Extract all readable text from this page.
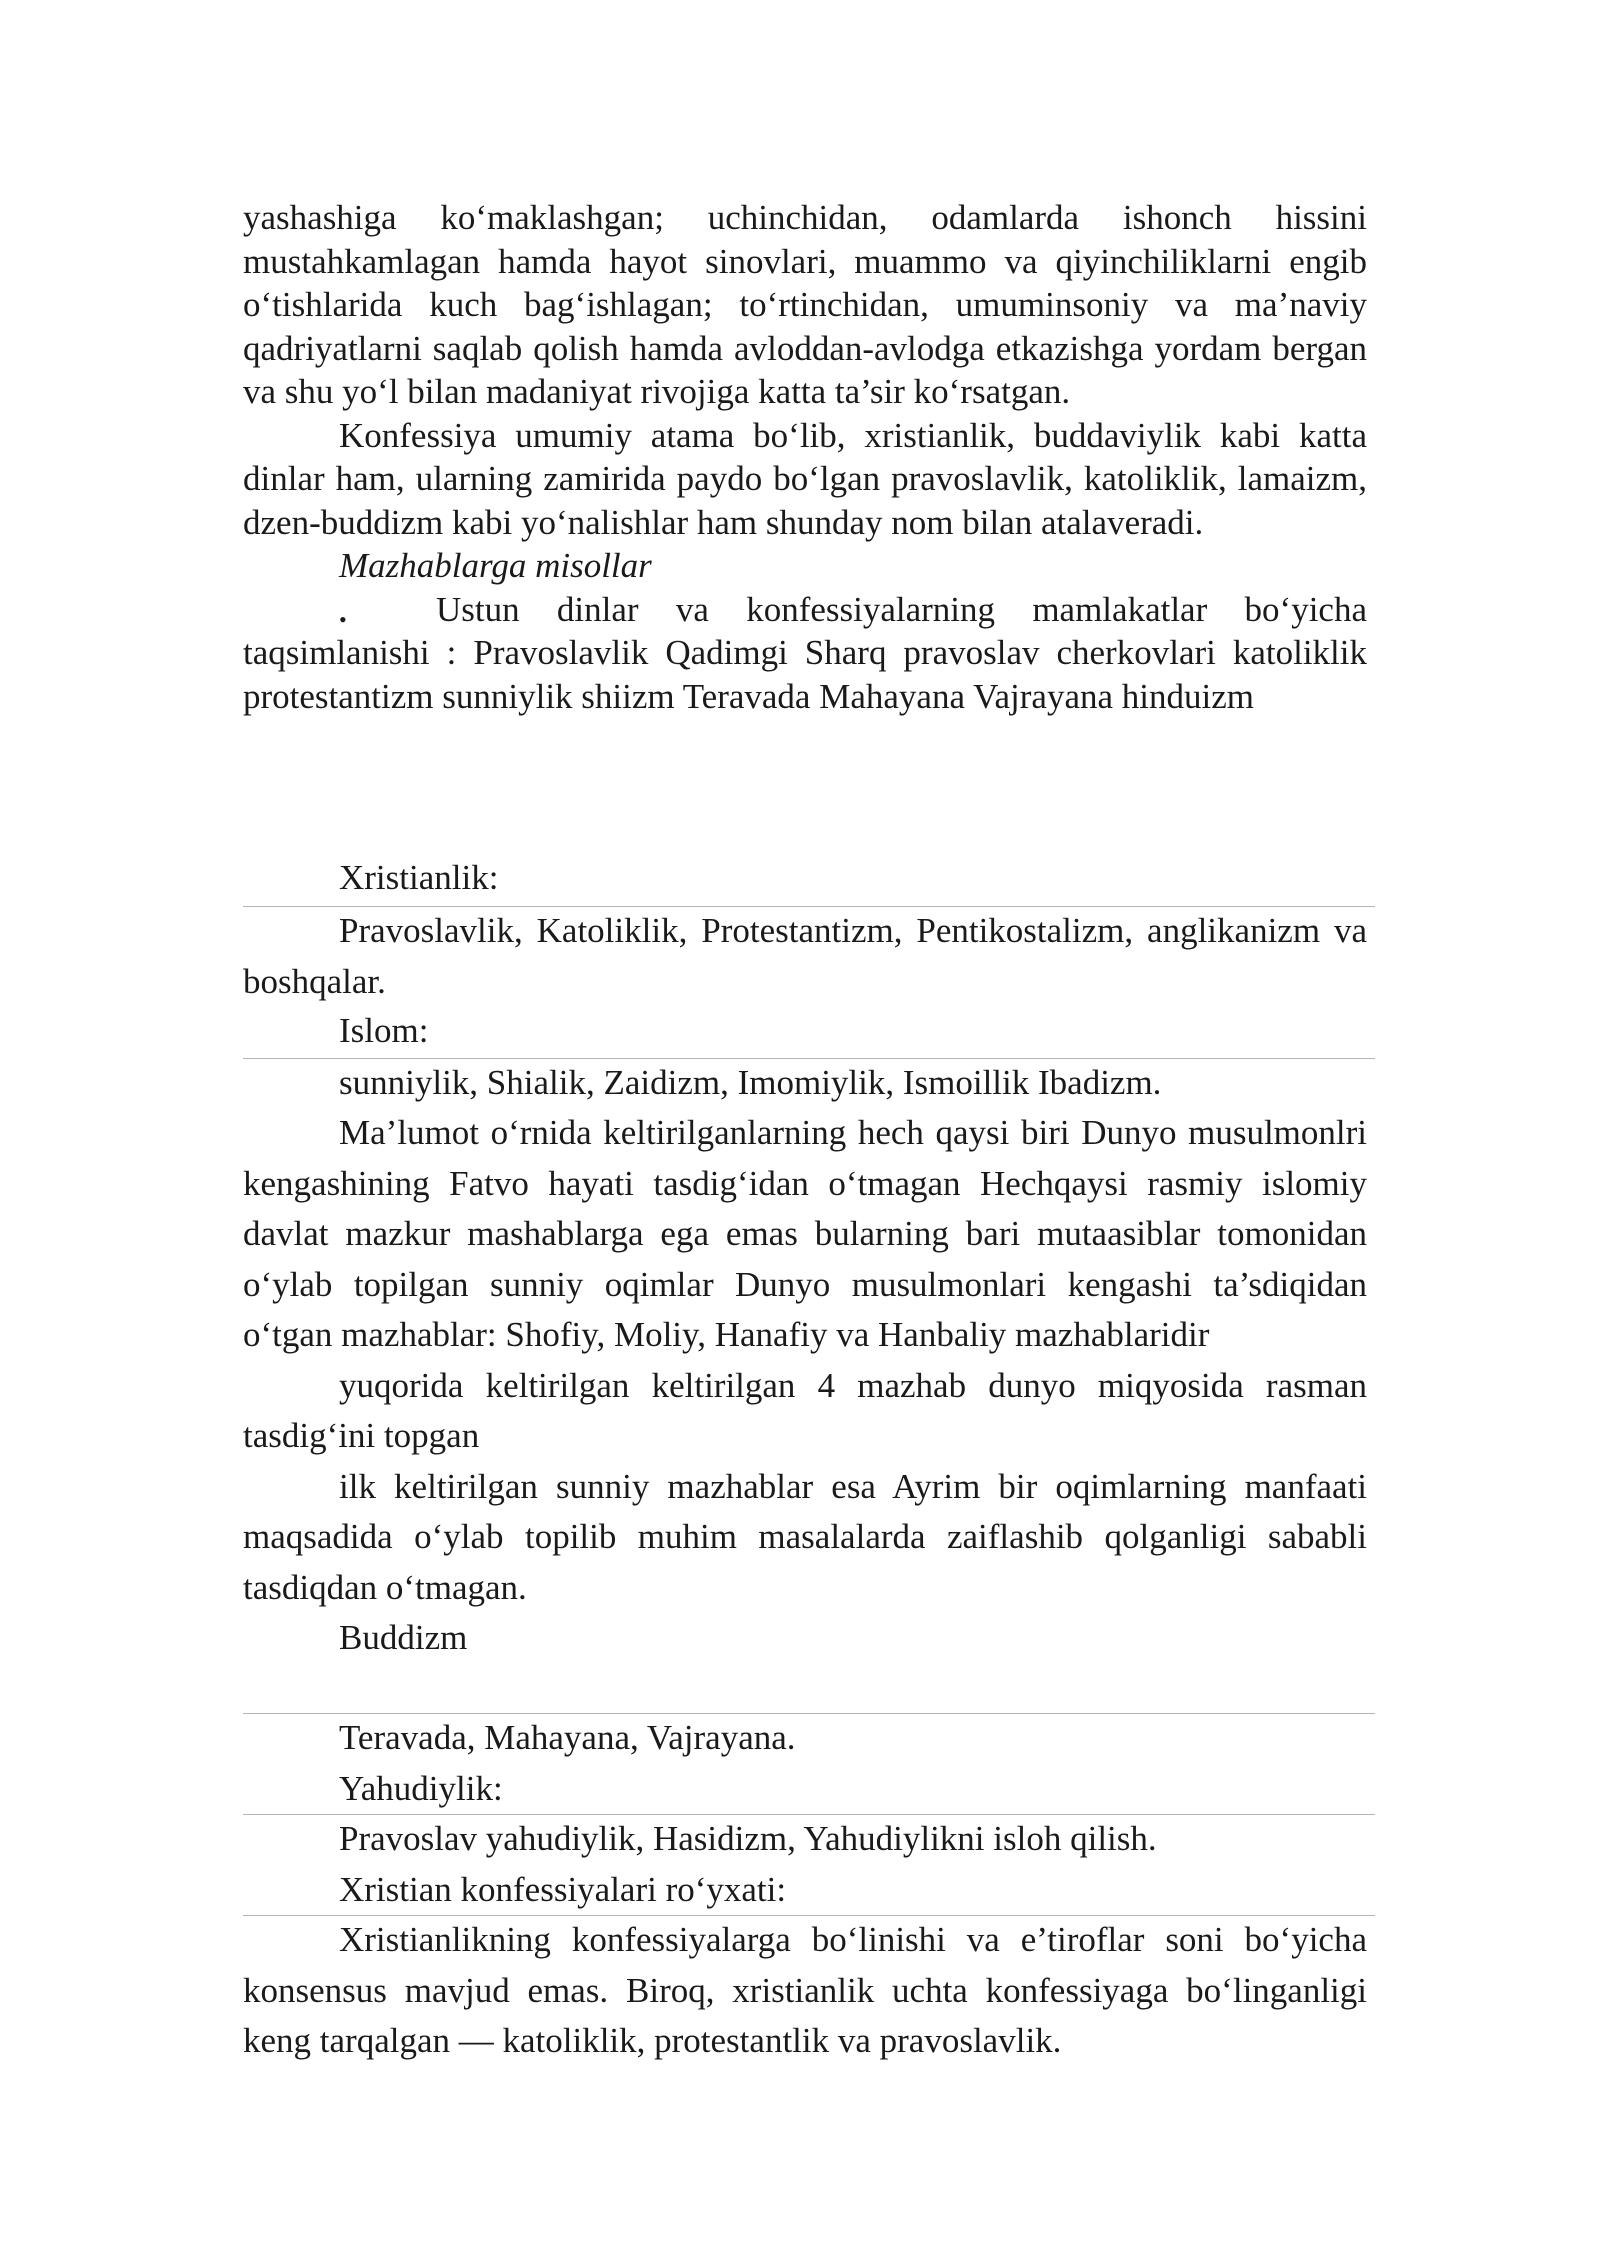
yashashiga ko‘maklashgan; uchinchidan, odamlarda ishonch hissini mustahkamlagan hamda hayot sinovlari, muammo va qiyinchiliklarni engib o‘tishlarida kuch bag‘ishlagan; to‘rtinchidan, umuminsoniy va ma’naviy qadriyatlarni saqlab qolish hamda avloddan-avlodga etkazishga yordam bergan va shu yo‘l bilan madaniyat rivojiga katta ta’sir ko‘rsatgan.

Konfessiya umumiy atama bo‘lib, xristianlik, buddaviylik kabi katta dinlar ham, ularning zamirida paydo bo‘lgan pravoslavlik, katoliklik, lamaizm, dzen-buddizm kabi yo‘nalishlar ham shunday nom bilan atalaveradi.

Mazhablarga misollar

•	Ustun dinlar va konfessiyalarning mamlakatlar bo‘yicha taqsimlanishi : Pravoslavlik Qadimgi Sharq pravoslav cherkovlari katoliklik protestantizm sunniylik shiizm Teravada Mahayana Vajrayana hinduizm

Xristianlik:

Pravoslavlik, Katoliklik, Protestantizm, Pentikostalizm, anglikanizm va boshqalar.

Islom:

sunniylik, Shialik, Zaidizm, Imomiylik, Ismoillik Ibadizm.

Ma’lumot o‘rnida keltirilganlarning hech qaysi biri Dunyo musulmonlri kengashining Fatvo hayati tasdig‘idan o‘tmagan Hechqaysi rasmiy islomiy davlat mazkur mashablarga ega emas bularning bari mutaasiblar tomonidan o‘ylab topilgan sunniy oqimlar Dunyo musulmonlari kengashi ta’sdiqidan o‘tgan mazhablar: Shofiy, Moliy, Hanafiy va Hanbaliy mazhablaridir

yuqorida keltirilgan keltirilgan 4 mazhab dunyo miqyosida rasman tasdig‘ini topgan

ilk keltirilgan sunniy mazhablar esa Ayrim bir oqimlarning manfaati maqsadida o‘ylab topilib muhim masalalarda zaiflashib qolganligi sababli tasdiqdan o‘tmagan.

Buddizm

Teravada, Mahayana, Vajrayana.

Yahudiylik:

Pravoslav yahudiylik, Hasidizm, Yahudiylikni isloh qilish.

Xristian konfessiyalari ro‘yxati:

Xristianlikning konfessiyalarga bo‘linishi va e’tiroflar soni bo‘yicha konsensus mavjud emas. Biroq, xristianlik uchta konfessiyaga bo‘linganligi keng tarqalgan — katoliklik, protestantlik va pravoslavlik.
